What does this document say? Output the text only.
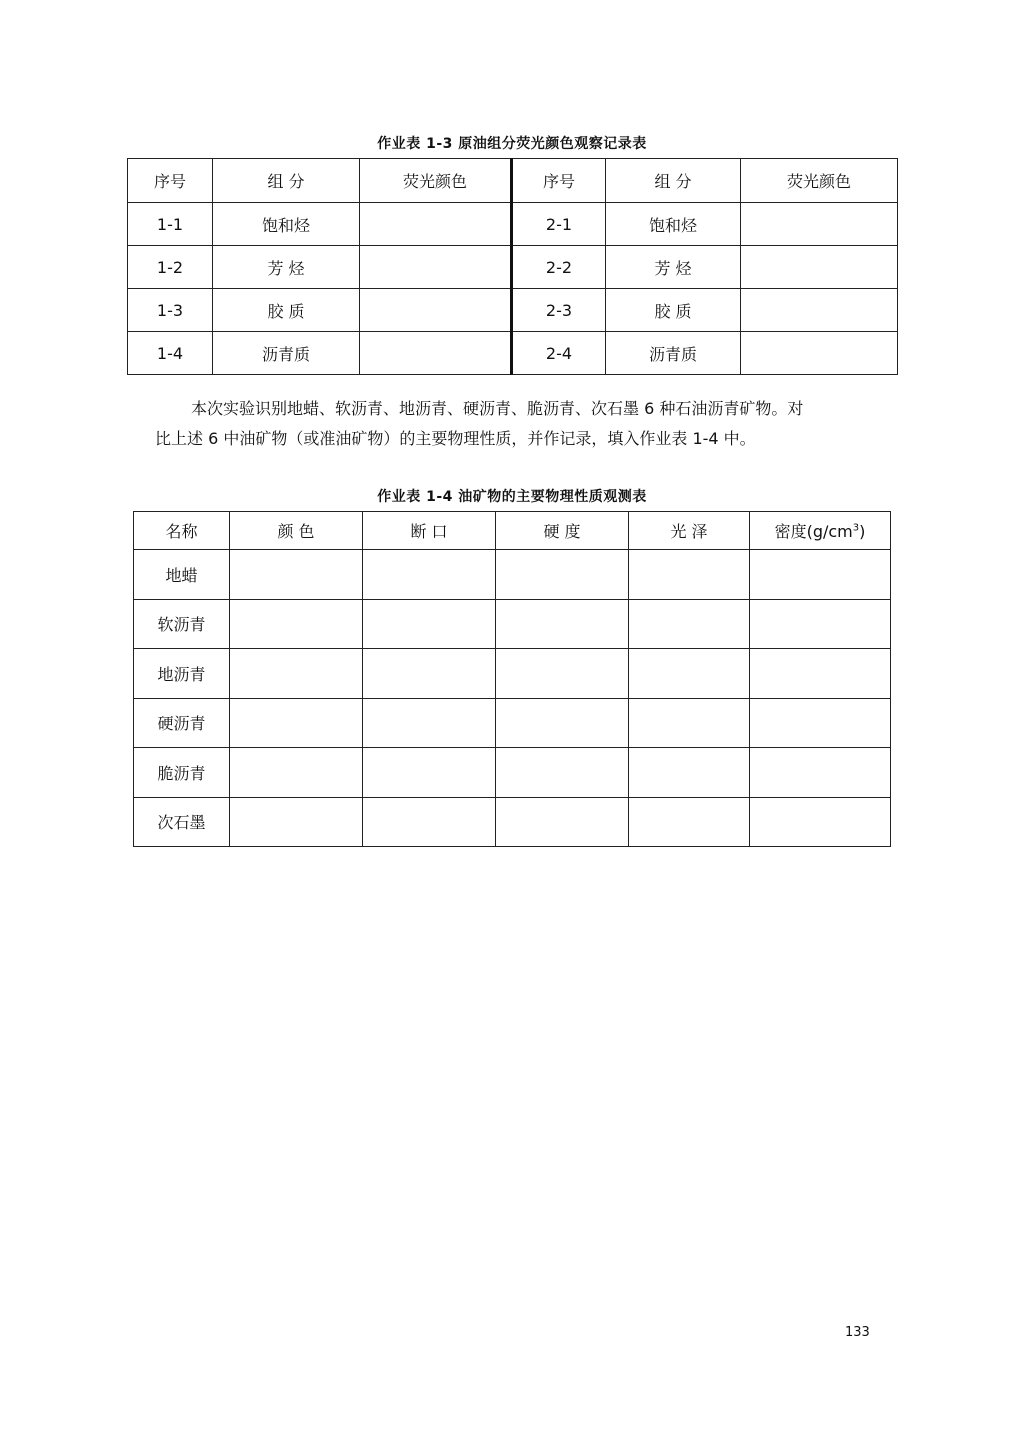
作业表 1-3 原油组分荧光颜色观察记录表
序号	组 分	荧光颜色	序号	组 分	荧光颜色
1-1	饱和烃		2-1	饱和烃	
1-2	芳 烃		2-2	芳 烃	
1-3	胶 质		2-3	胶 质	
1-4	沥青质		2-4	沥青质	
本次实验识别地蜡、软沥青、地沥青、硬沥青、脆沥青、次石墨 6 种石油沥青矿物。对
比上述 6 中油矿物（或准油矿物）的主要物理性质，并作记录，填入作业表 1-4 中。
作业表 1-4 油矿物的主要物理性质观测表
名称	颜 色	断 口	硬 度	光 泽	密度$(g/cm^3)$
地蜡					
软沥青					
地沥青					
硬沥青					
脆沥青					
次石墨					
133
